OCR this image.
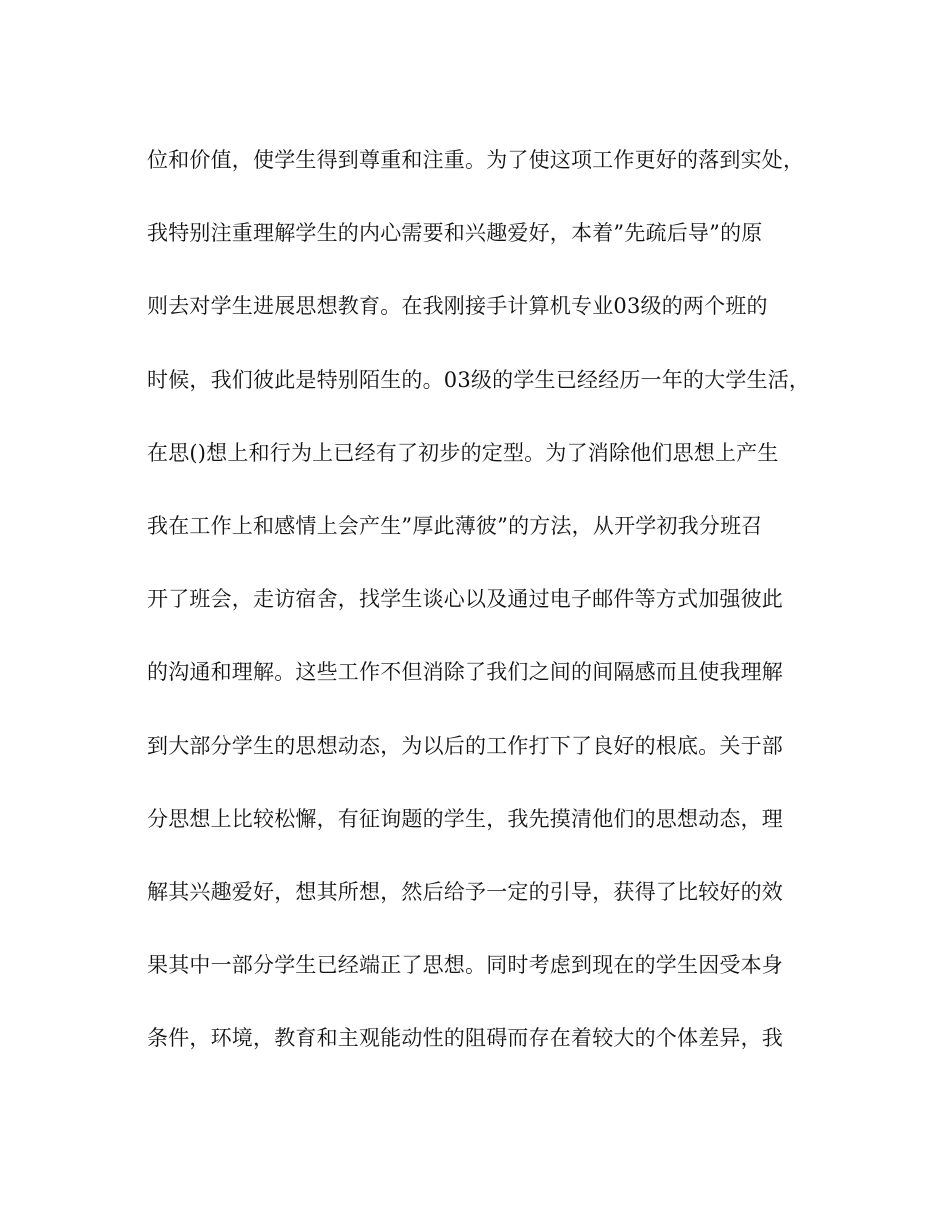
位和价值，使学生得到尊重和注重。为了使这项工作更好的落到实处，
我特别注重理解学生的内心需要和兴趣爱好，本着”先疏后导”的原
则去对学生进展思想教育。在我刚接手计算机专业03级的两个班的
时候，我们彼此是特别陌生的。03级的学生已经经历一年的大学生活，
在思()想上和行为上已经有了初步的定型。为了消除他们思想上产生
我在工作上和感情上会产生”厚此薄彼”的方法，从开学初我分班召
开了班会，走访宿舍，找学生谈心以及通过电子邮件等方式加强彼此
的沟通和理解。这些工作不但消除了我们之间的间隔感而且使我理解
到大部分学生的思想动态，为以后的工作打下了良好的根底。关于部
分思想上比较松懈，有征询题的学生，我先摸清他们的思想动态，理
解其兴趣爱好，想其所想，然后给予一定的引导，获得了比较好的效
果其中一部分学生已经端正了思想。同时考虑到现在的学生因受本身
条件，环境，教育和主观能动性的阻碍而存在着较大的个体差异，我
